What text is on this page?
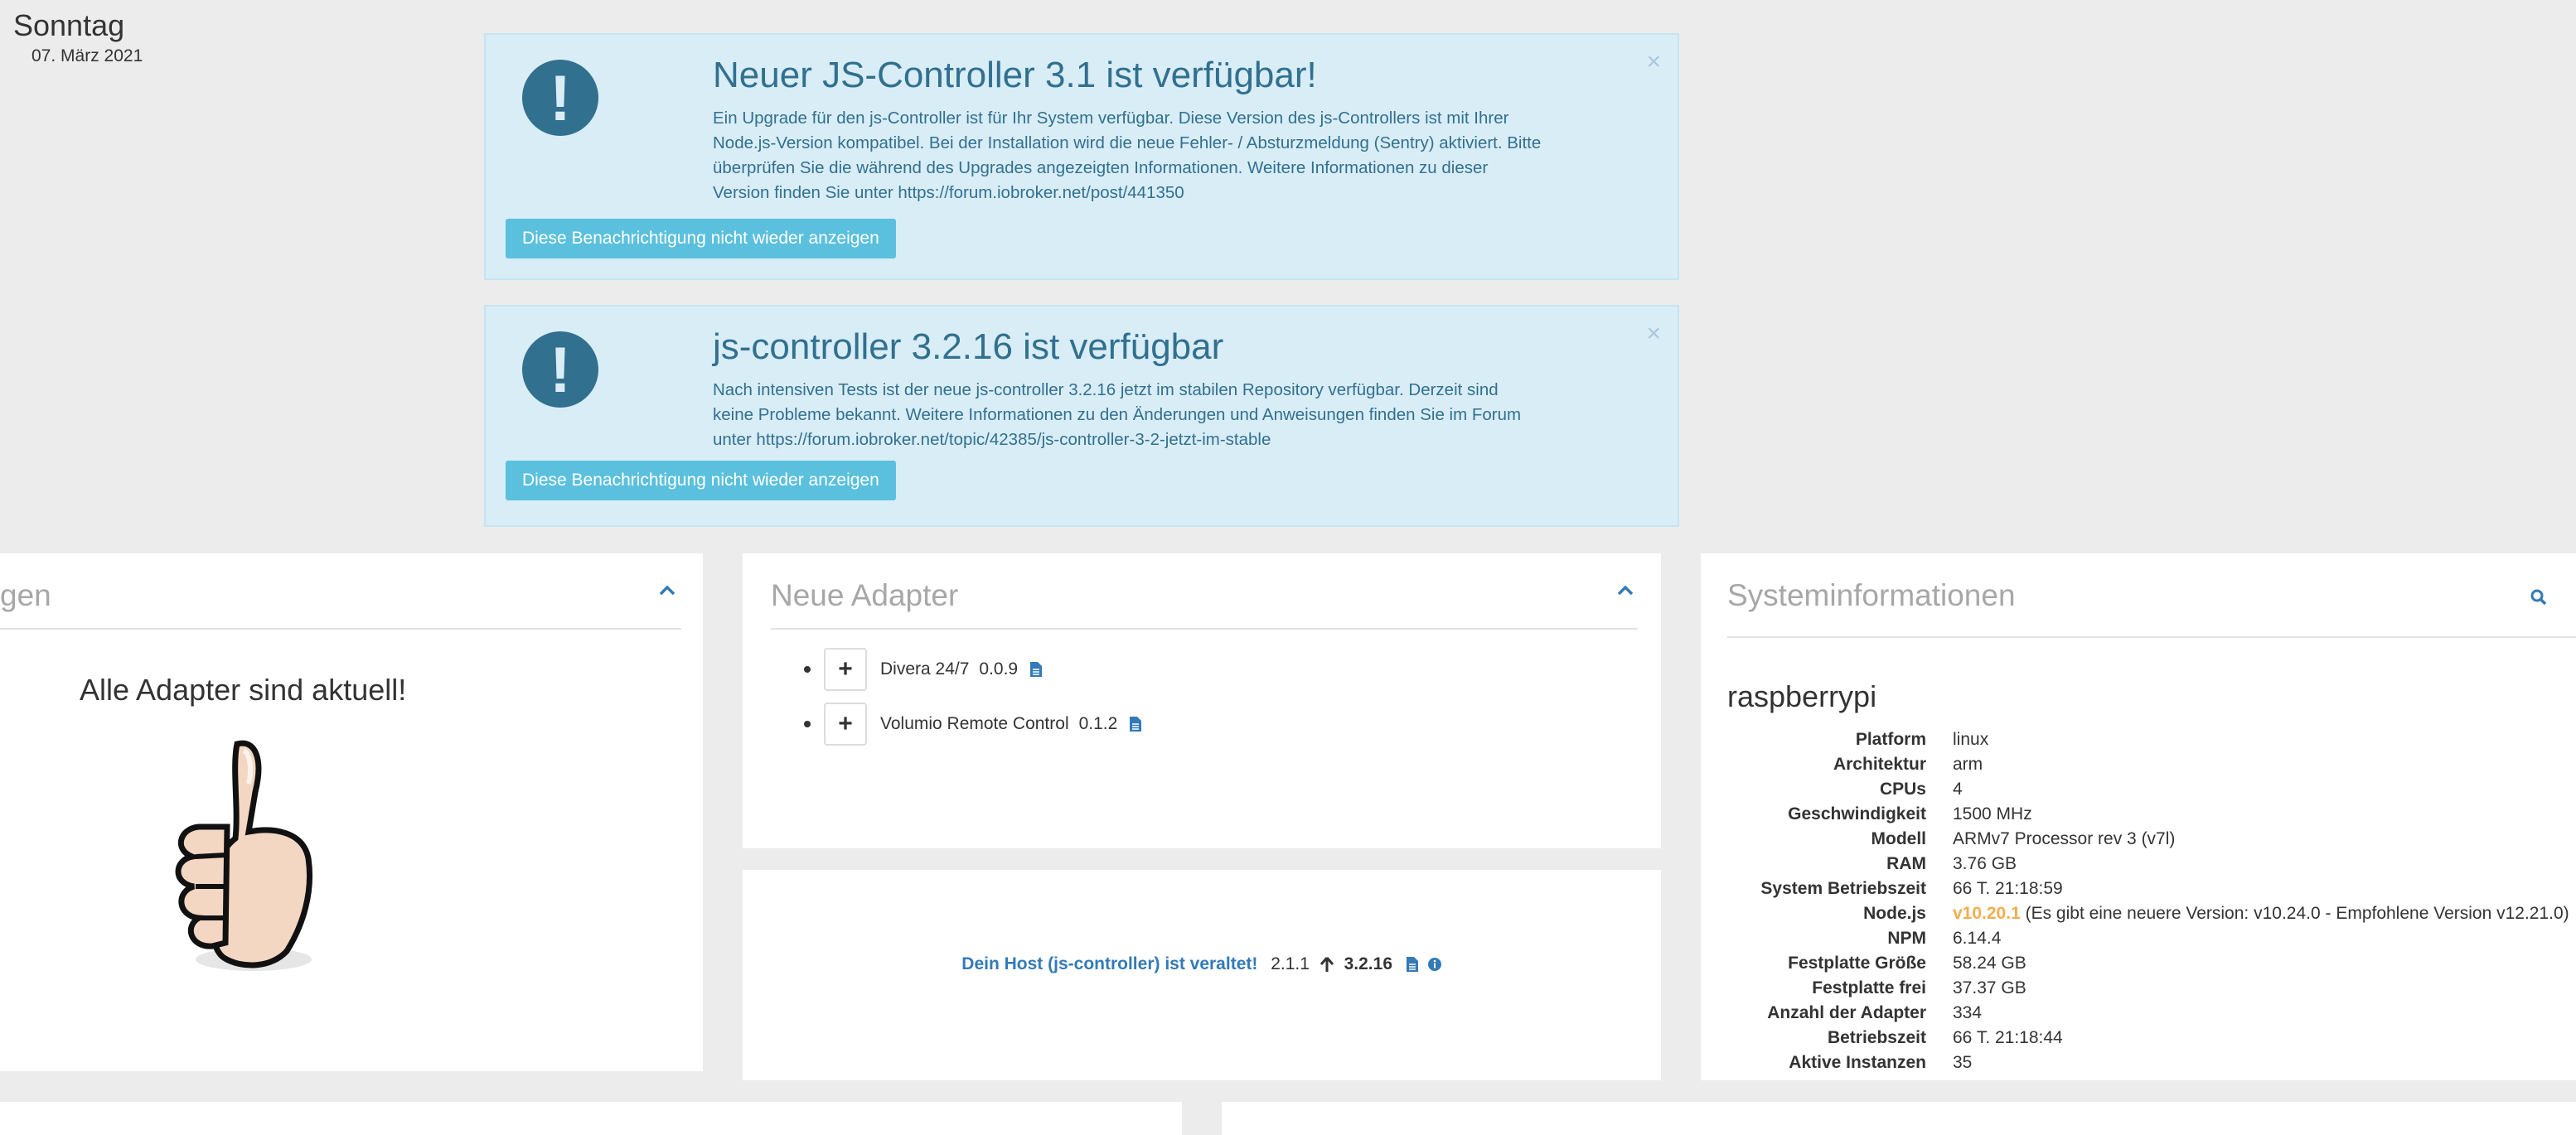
Sonntag
07. März 2021
!	×
Neuer JS-Controller 3.1 ist verfügbar!

Ein Upgrade für den js-Controller ist für Ihr System verfügbar. Diese Version des js-Controllers ist mit Ihrer Node.js-Version kompatibel. Bei der Installation wird die neue Fehler- / Absturzmeldung (Sentry) aktiviert. Bitte überprüfen Sie die während des Upgrades angezeigten Informationen. Weitere Informationen zu dieser Version finden Sie unter https://forum.iobroker.net/post/441350

Diese Benachrichtigung nicht wieder anzeigen
!	×
js-controller 3.2.16 ist verfügbar

Nach intensiven Tests ist der neue js-controller 3.2.16 jetzt im stabilen Repository verfügbar. Derzeit sind keine Probleme bekannt. Weitere Informationen zu den Änderungen und Anweisungen finden Sie im Forum unter https://forum.iobroker.net/topic/42385/js-controller-3-2-jetzt-im-stable

Diese Benachrichtigung nicht wieder anzeigen
gen
Alle Adapter sind aktuell!
Neue Adapter
+	Divera 24/7 0.0.9
+	Volumio Remote Control 0.1.2
Dein Host (js-controller) ist veraltet! 2.1.1 3.2.16
Systeminformationen
raspberrypi
Platform linux
Architektur arm
CPUs 4
Geschwindigkeit 1500 MHz
Modell ARMv7 Processor rev 3 (v7l)
RAM 3.76 GB
System Betriebszeit 66 T. 21:18:59
Node.js v10.20.1 (Es gibt eine neuere Version: v10.24.0 - Empfohlene Version v12.21.0)
NPM 6.14.4
Festplatte Größe 58.24 GB
Festplatte frei 37.37 GB
Anzahl der Adapter 334
Betriebszeit 66 T. 21:18:44
Aktive Instanzen 35
